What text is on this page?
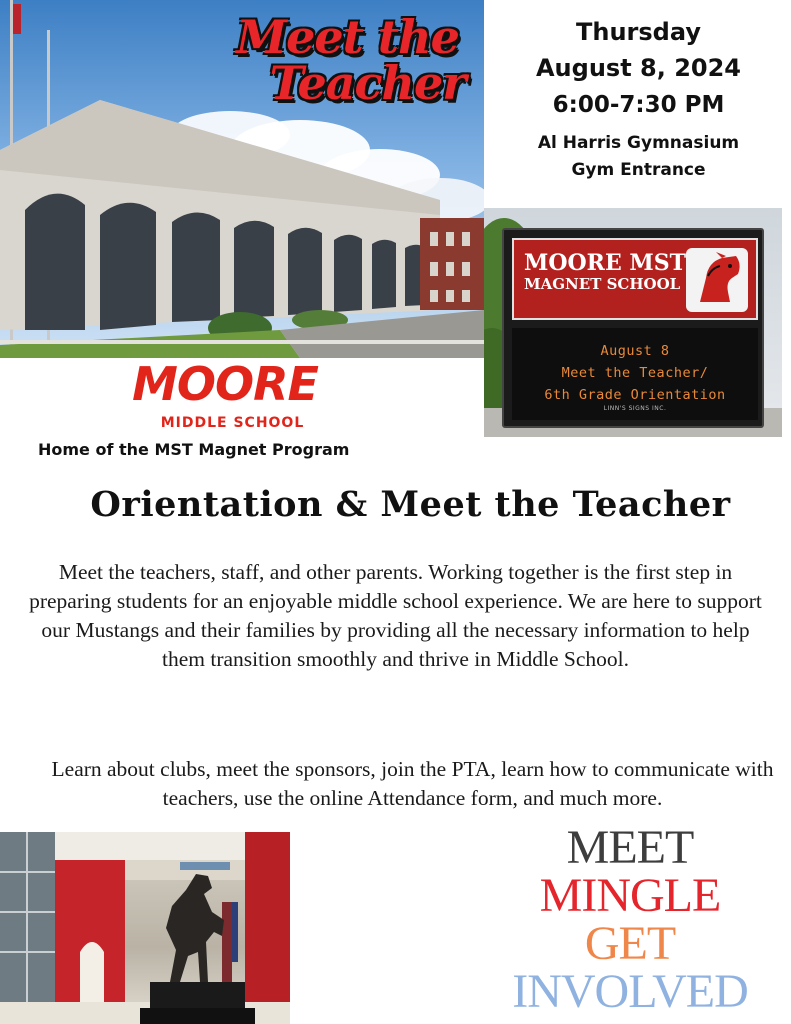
Meet the
Teacher
Thursday
August 8, 2024
6:00-7:30 PM
Al Harris Gymnasium
Gym Entrance
MOORE MST
MAGNET SCHOOL
August 8
Meet the Teacher/
6th Grade Orientation
LINN'S SIGNS INC.
MOORE
MIDDLE SCHOOL
Home of the MST Magnet Program
Orientation & Meet the Teacher

Meet the teachers, staff, and other parents. Working together is the first step in preparing students for an enjoyable middle school experience. We are here to support our Mustangs and their families by providing all the necessary information to help them transition smoothly and thrive in Middle School.

Learn about clubs, meet the sponsors, join the PTA, learn how to communicate with teachers, use the online Attendance form, and much more.

MEET
MINGLE
GET
INVOLVED
